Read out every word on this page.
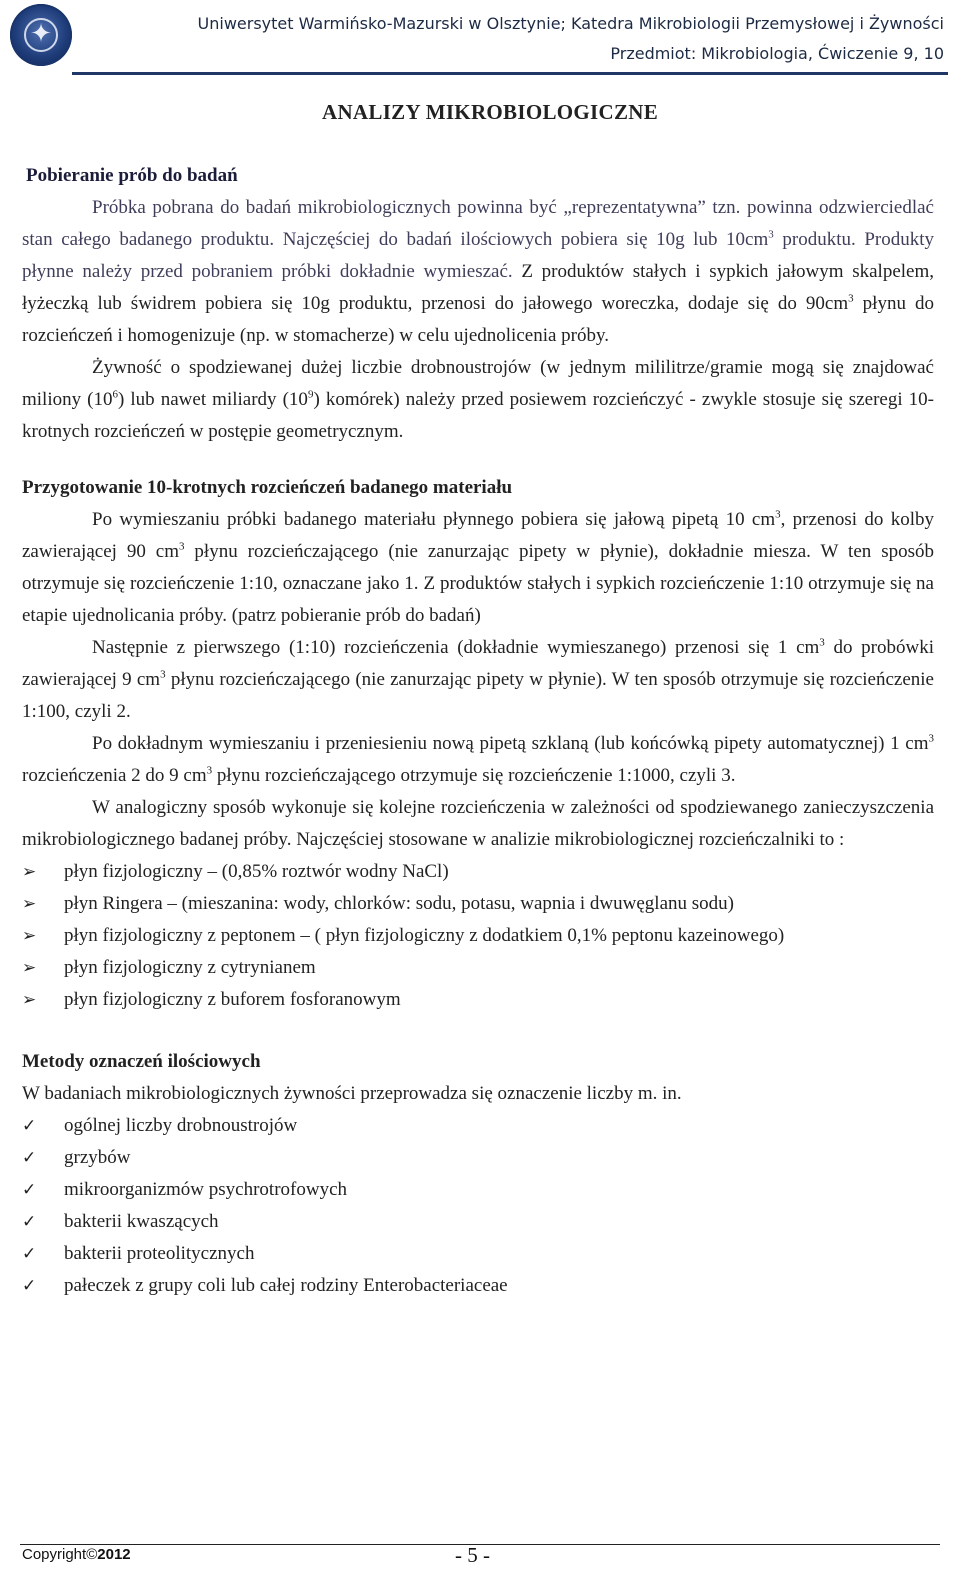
✦	Uniwersytet Warmińsko-Mazurski w Olsztynie; Katedra Mikrobiologii Przemysłowej i Żywności
Przedmiot: Mikrobiologia, Ćwiczenie 9, 10
ANALIZY MIKROBIOLOGICZNE
Pobieranie prób do badań

Próbka pobrana do badań mikrobiologicznych powinna być „reprezentatywna” tzn. powinna odzwierciedlać stan całego badanego produktu. Najczęściej do badań ilościowych pobiera się 10g lub $10cm^3$ produktu. Produkty płynne należy przed pobraniem próbki dokładnie wymieszać. Z produktów stałych i sypkich jałowym skalpelem, łyżeczką lub świdrem pobiera się 10g produktu, przenosi do jałowego woreczka, dodaje się do $90cm^3$ płynu do rozcieńczeń i homogenizuje (np. w stomacherze) w celu ujednolicenia próby.

Żywność o spodziewanej dużej liczbie drobnoustrojów (w jednym mililitrze/gramie mogą się znajdować miliony $(10^6)$ lub nawet miliardy $(10^9)$ komórek) należy przed posiewem rozcieńczyć - zwykle stosuje się szeregi 10-krotnych rozcieńczeń w postępie geometrycznym.

Przygotowanie 10-krotnych rozcieńczeń badanego materiału

Po wymieszaniu próbki badanego materiału płynnego pobiera się jałową pipetą 10 $cm^3$, przenosi do kolby zawierającej 90 $cm^3$ płynu rozcieńczającego (nie zanurzając pipety w płynie), dokładnie miesza. W ten sposób otrzymuje się rozcieńczenie 1:10, oznaczane jako 1. Z produktów stałych i sypkich rozcieńczenie 1:10 otrzymuje się na etapie ujednolicania próby. (patrz pobieranie prób do badań)

Następnie z pierwszego (1:10) rozcieńczenia (dokładnie wymieszanego) przenosi się 1 $cm^3$ do probówki zawierającej 9 $cm^3$ płynu rozcieńczającego (nie zanurzając pipety w płynie). W ten sposób otrzymuje się rozcieńczenie 1:100, czyli 2.

Po dokładnym wymieszaniu i przeniesieniu nową pipetą szklaną (lub końcówką pipety automatycznej) 1 $cm^3$ rozcieńczenia 2 do 9 $cm^3$ płynu rozcieńczającego otrzymuje się rozcieńczenie 1:1000, czyli 3.

W analogiczny sposób wykonuje się kolejne rozcieńczenia w zależności od spodziewanego zanieczyszczenia mikrobiologicznego badanej próby. Najczęściej stosowane w analizie mikrobiologicznej rozcieńczalniki to :

➢	płyn fizjologiczny – (0,85% roztwór wodny NaCl)
➢	płyn Ringera – (mieszanina: wody, chlorków: sodu, potasu, wapnia i dwuwęglanu sodu)
➢	płyn fizjologiczny z peptonem – ( płyn fizjologiczny z dodatkiem 0,1% peptonu kazeinowego)
➢	płyn fizjologiczny z cytrynianem
➢	płyn fizjologiczny z buforem fosforanowym
Metody oznaczeń ilościowych

W badaniach mikrobiologicznych żywności przeprowadza się oznaczenie liczby m. in.

✓	ogólnej liczby drobnoustrojów
✓	grzybów
✓	mikroorganizmów psychrotrofowych
✓	bakterii kwaszących
✓	bakterii proteolitycznych
✓	pałeczek z grupy coli lub całej rodziny Enterobacteriaceae
Copyright©2012	- 5 -
